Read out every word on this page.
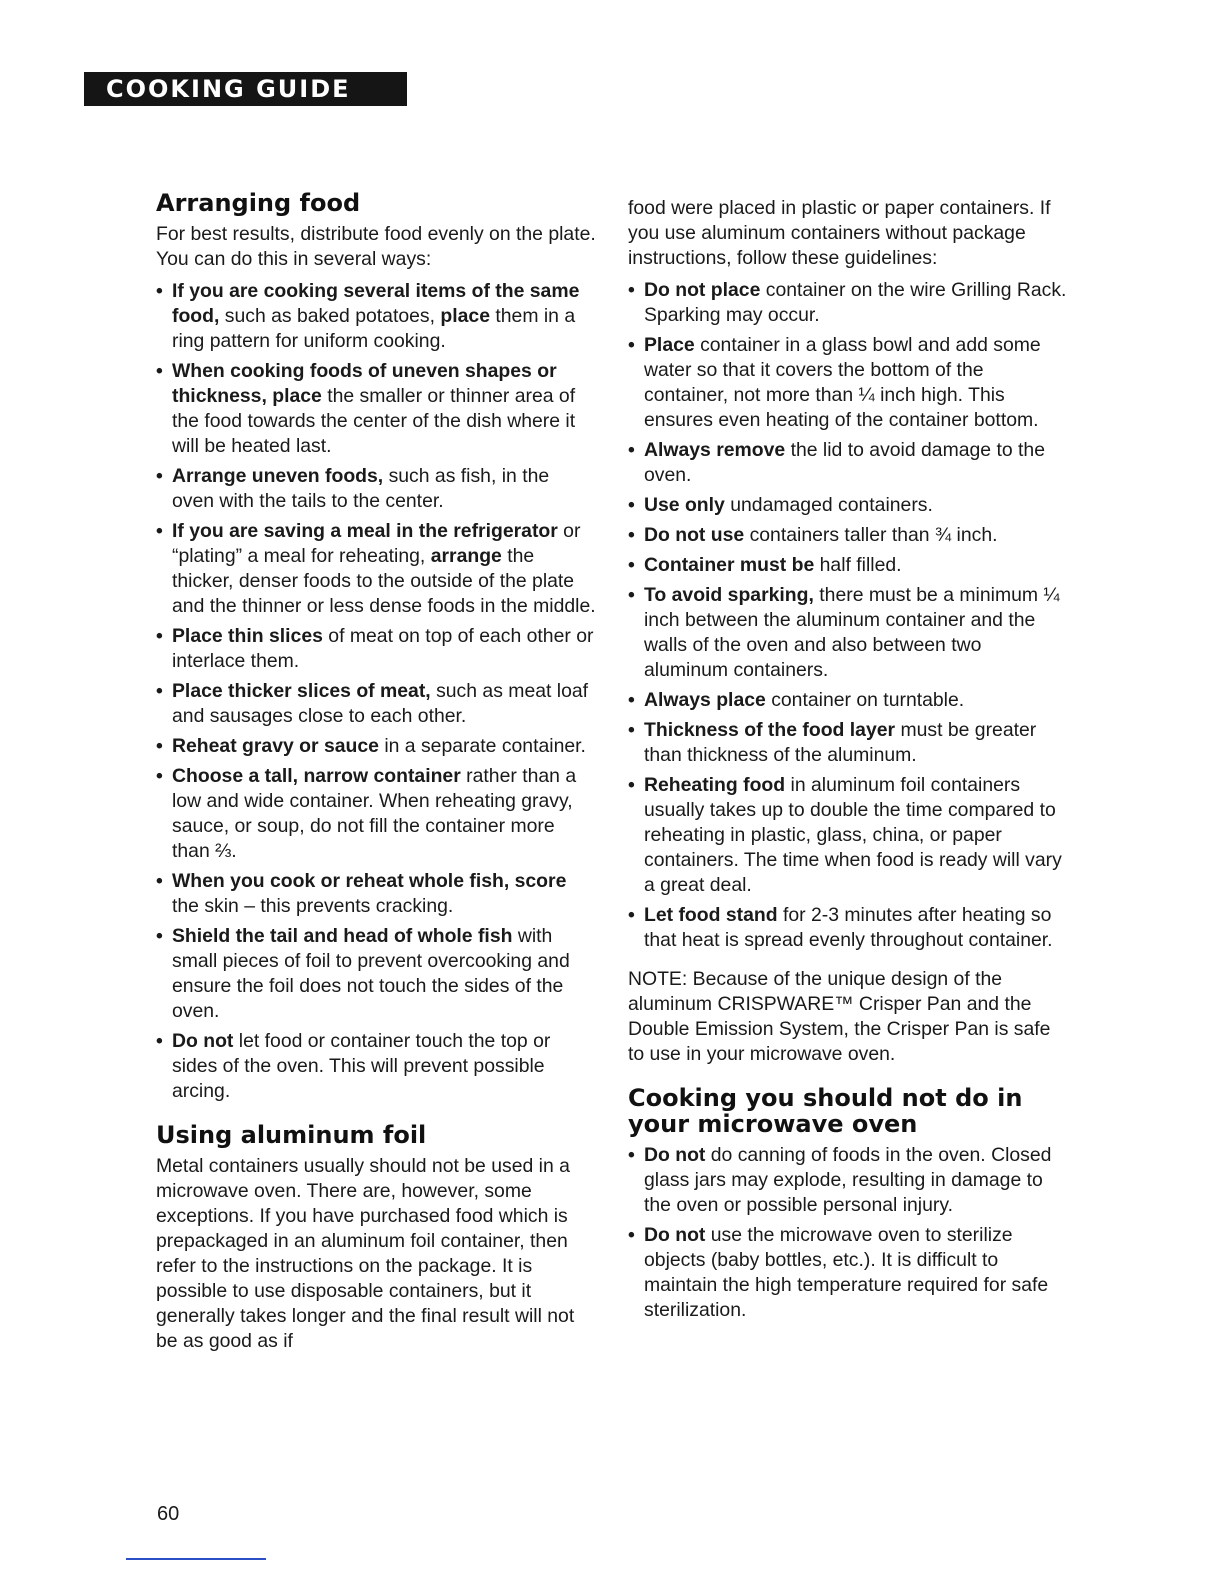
COOKING GUIDE
Arranging food

For best results, distribute food evenly on the plate. You can do this in several ways:

• If you are cooking several items of the same food, such as baked potatoes, place them in a ring pattern for uniform cooking.
• When cooking foods of uneven shapes or thickness, place the smaller or thinner area of the food towards the center of the dish where it will be heated last.
• Arrange uneven foods, such as fish, in the oven with the tails to the center.
• If you are saving a meal in the refrigerator or “plating” a meal for reheating, arrange the thicker, denser foods to the outside of the plate and the thinner or less dense foods in the middle.
• Place thin slices of meat on top of each other or interlace them.
• Place thicker slices of meat, such as meat loaf and sausages close to each other.
• Reheat gravy or sauce in a separate container.
• Choose a tall, narrow container rather than a low and wide container. When reheating gravy, sauce, or soup, do not fill the container more than ⅔.
• When you cook or reheat whole fish, score the skin – this prevents cracking.
• Shield the tail and head of whole fish with small pieces of foil to prevent overcooking and ensure the foil does not touch the sides of the oven.
• Do not let food or container touch the top or sides of the oven. This will prevent possible arcing.
Using aluminum foil

Metal containers usually should not be used in a microwave oven. There are, however, some exceptions. If you have purchased food which is prepackaged in an aluminum foil container, then refer to the instructions on the package. It is possible to use disposable containers, but it generally takes longer and the final result will not be as good as if

food were placed in plastic or paper containers. If you use aluminum containers without package instructions, follow these guidelines:

• Do not place container on the wire Grilling Rack. Sparking may occur.
• Place container in a glass bowl and add some water so that it covers the bottom of the container, not more than ¼ inch high. This ensures even heating of the container bottom.
• Always remove the lid to avoid damage to the oven.
• Use only undamaged containers.
• Do not use containers taller than ¾ inch.
• Container must be half filled.
• To avoid sparking, there must be a minimum ¼ inch between the aluminum container and the walls of the oven and also between two aluminum containers.
• Always place container on turntable.
• Thickness of the food layer must be greater than thickness of the aluminum.
• Reheating food in aluminum foil containers usually takes up to double the time compared to reheating in plastic, glass, china, or paper containers. The time when food is ready will vary a great deal.
• Let food stand for 2-3 minutes after heating so that heat is spread evenly throughout container.

NOTE: Because of the unique design of the aluminum CRISPWARE™ Crisper Pan and the Double Emission System, the Crisper Pan is safe to use in your microwave oven.

Cooking you should not do in your microwave oven
• Do not do canning of foods in the oven. Closed glass jars may explode, resulting in damage to the oven or possible personal injury.
• Do not use the microwave oven to sterilize objects (baby bottles, etc.). It is difficult to maintain the high temperature required for safe sterilization.
60
